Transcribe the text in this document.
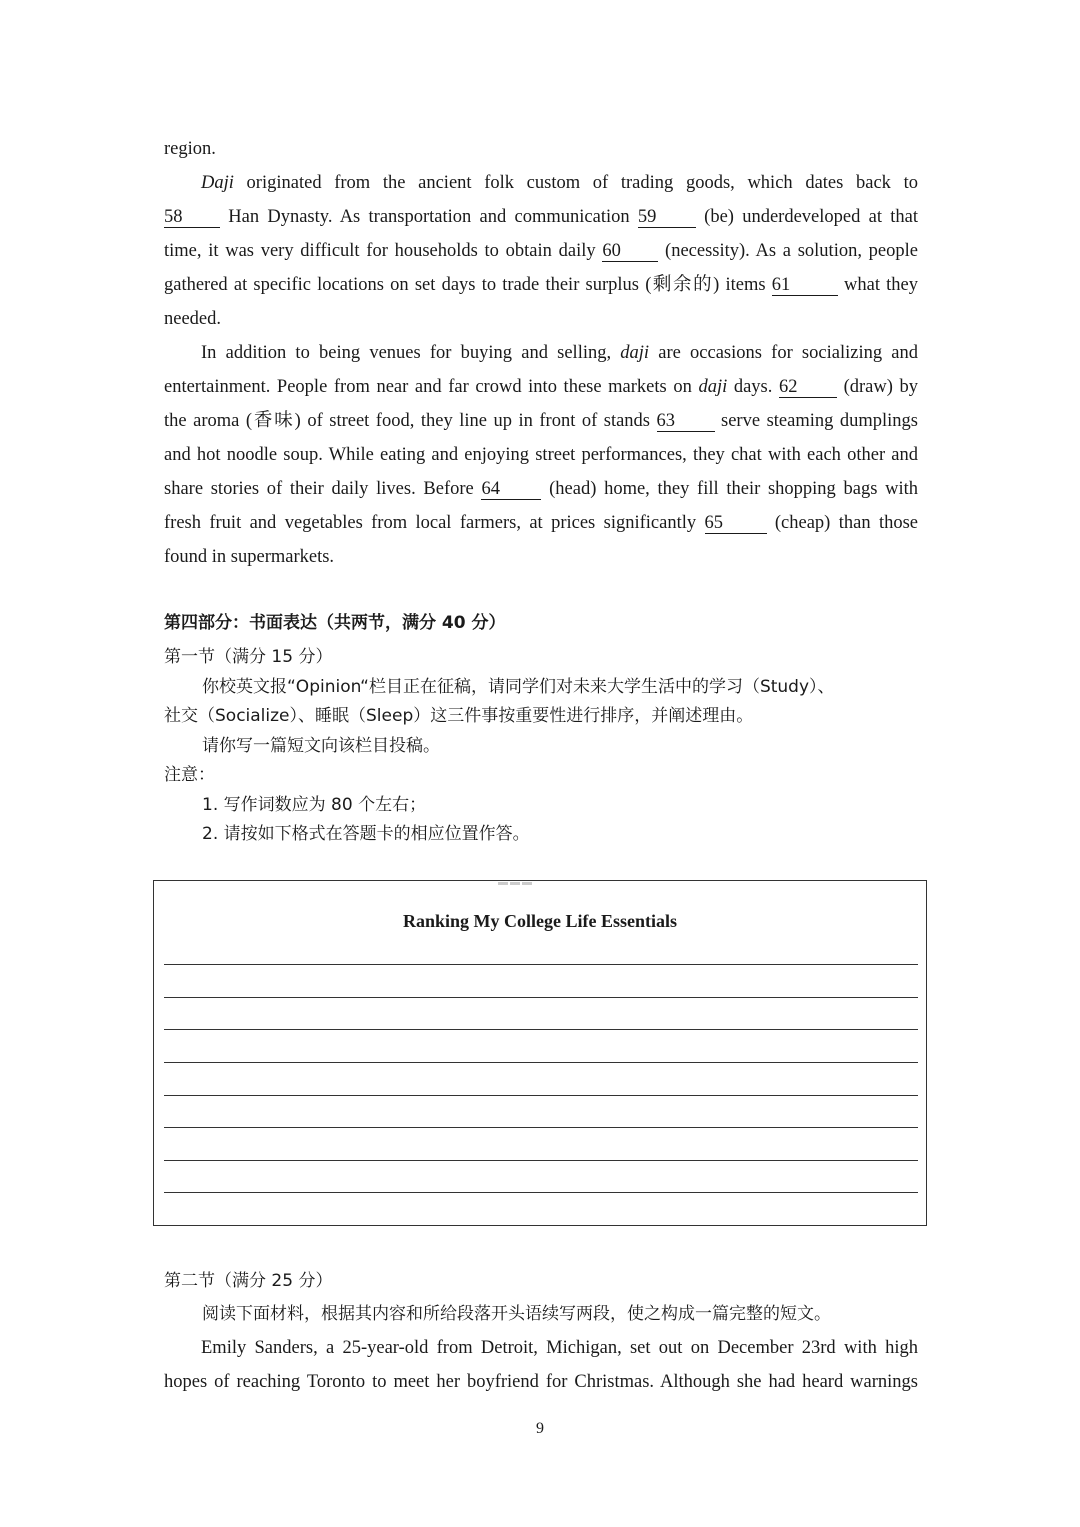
region.
Daji originated from the ancient folk custom of trading goods, which dates back to
58 Han Dynasty. As transportation and communication 59 (be) underdeveloped at that
time, it was very difficult for households to obtain daily 60 (necessity). As a solution, people
gathered at specific locations on set days to trade their surplus (剩余的) items 61	what they
needed.
In addition to being venues for buying and selling, daji are occasions for socializing and
entertainment. People from near and far crowd into these markets on daji days. 62 (draw) by
the aroma (香味) of street food, they line up in front of stands 63 serve steaming dumplings
and hot noodle soup. While eating and enjoying street performances, they chat with each other and
share stories of their daily lives. Before 64 (head) home, they fill their shopping bags with
fresh fruit and vegetables from local farmers, at prices significantly 65 (cheap) than those
found in supermarkets.
第四部分：书面表达（共两节，满分 40 分）
第一节（满分 15 分）
你校英文报“Opinion“栏目正在征稿，请同学们对未来大学生活中的学习（Study）、
社交（Socialize）、睡眠（Sleep）这三件事按重要性进行排序，并阐述理由。
请你写一篇短文向该栏目投稿。
注意：
1. 写作词数应为 80 个左右；
2. 请按如下格式在答题卡的相应位置作答。
▬▬▬
Ranking My College Life Essentials
第二节（满分 25 分）
阅读下面材料，根据其内容和所给段落开头语续写两段，使之构成一篇完整的短文。
Emily Sanders, a 25-year-old from Detroit, Michigan, set out on December 23rd with high
hopes of reaching Toronto to meet her boyfriend for Christmas. Although she had heard warnings
9
